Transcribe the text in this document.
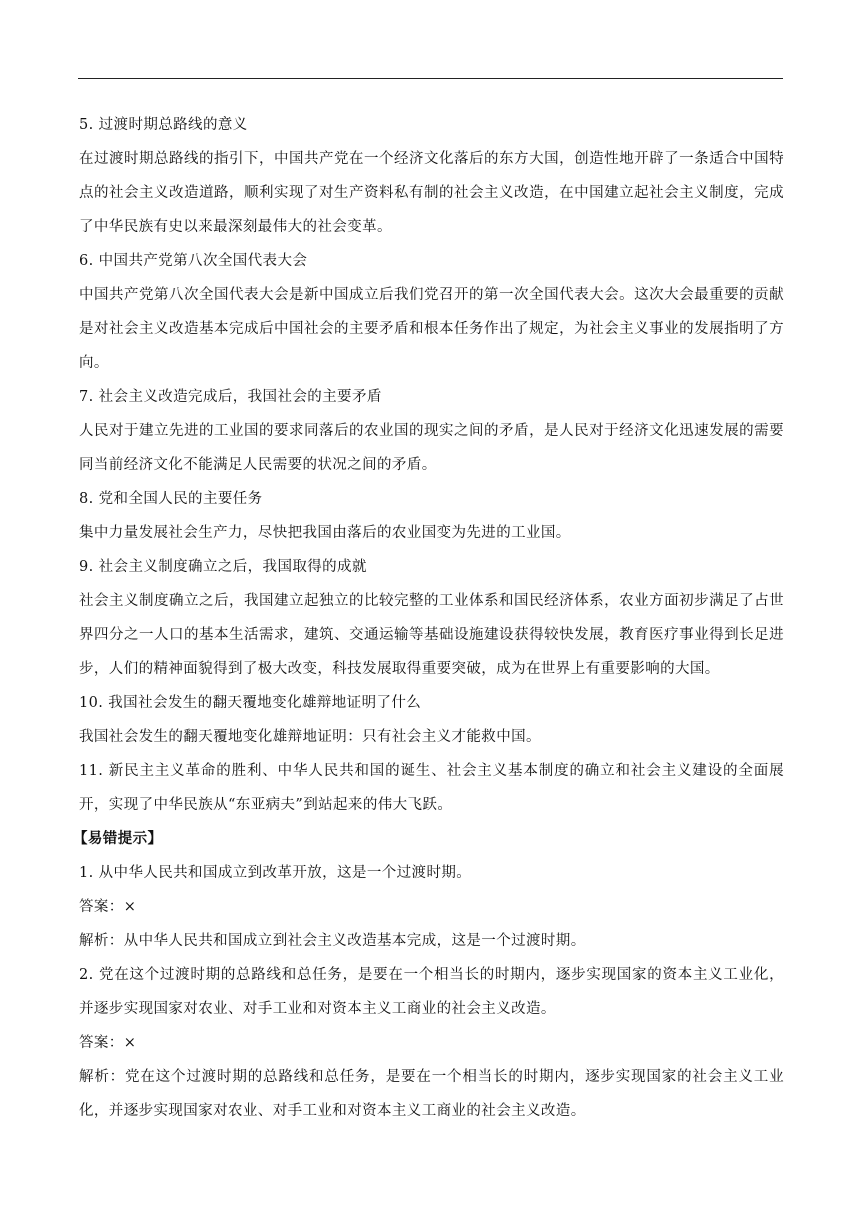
5. 过渡时期总路线的意义

在过渡时期总路线的指引下，中国共产党在一个经济文化落后的东方大国，创造性地开辟了一条适合中国特点的社会主义改造道路，顺利实现了对生产资料私有制的社会主义改造，在中国建立起社会主义制度，完成了中华民族有史以来最深刻最伟大的社会变革。

6. 中国共产党第八次全国代表大会

中国共产党第八次全国代表大会是新中国成立后我们党召开的第一次全国代表大会。这次大会最重要的贡献是对社会主义改造基本完成后中国社会的主要矛盾和根本任务作出了规定，为社会主义事业的发展指明了方向。

7. 社会主义改造完成后，我国社会的主要矛盾

人民对于建立先进的工业国的要求同落后的农业国的现实之间的矛盾，是人民对于经济文化迅速发展的需要同当前经济文化不能满足人民需要的状况之间的矛盾。

8. 党和全国人民的主要任务

集中力量发展社会生产力，尽快把我国由落后的农业国变为先进的工业国。

9. 社会主义制度确立之后，我国取得的成就

社会主义制度确立之后，我国建立起独立的比较完整的工业体系和国民经济体系，农业方面初步满足了占世界四分之一人口的基本生活需求，建筑、交通运输等基础设施建设获得较快发展，教育医疗事业得到长足进步，人们的精神面貌得到了极大改变，科技发展取得重要突破，成为在世界上有重要影响的大国。

10. 我国社会发生的翻天覆地变化雄辩地证明了什么

我国社会发生的翻天覆地变化雄辩地证明：只有社会主义才能救中国。

11. 新民主主义革命的胜利、中华人民共和国的诞生、社会主义基本制度的确立和社会主义建设的全面展开，实现了中华民族从“东亚病夫”到站起来的伟大飞跃。

【易错提示】

1. 从中华人民共和国成立到改革开放，这是一个过渡时期。

答案：×

解析：从中华人民共和国成立到社会主义改造基本完成，这是一个过渡时期。

2. 党在这个过渡时期的总路线和总任务，是要在一个相当长的时期内，逐步实现国家的资本主义工业化，并逐步实现国家对农业、对手工业和对资本主义工商业的社会主义改造。

答案：×

解析：党在这个过渡时期的总路线和总任务，是要在一个相当长的时期内，逐步实现国家的社会主义工业化，并逐步实现国家对农业、对手工业和对资本主义工商业的社会主义改造。
